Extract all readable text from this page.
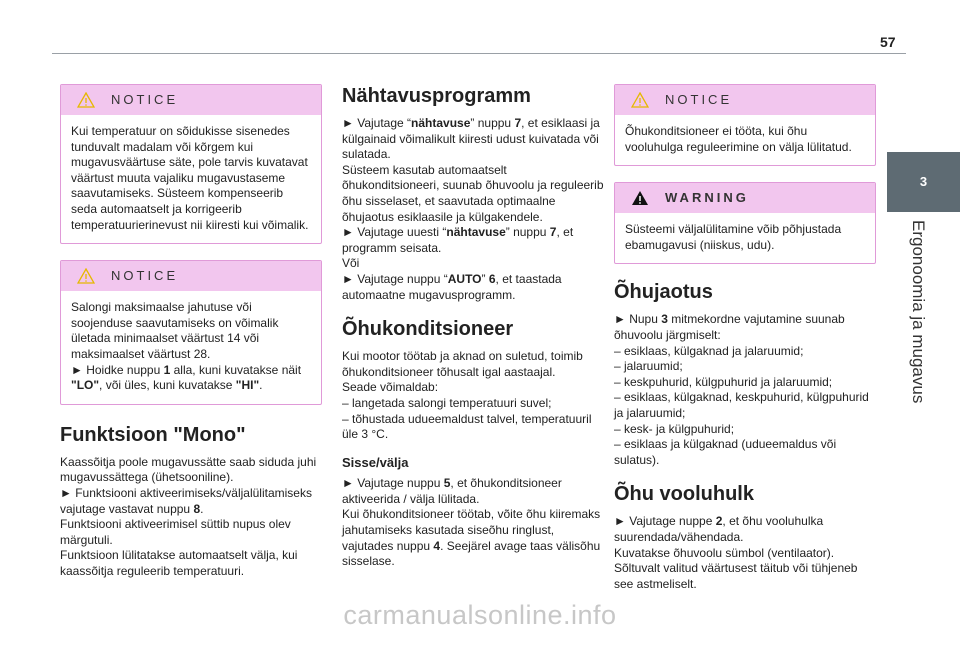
57
3
Ergonoomia ja mugavus
NOTICE

Kui temperatuur on sõidukisse sisenedes tunduvalt madalam või kõrgem kui mugavusväärtuse säte, pole tarvis kuvatavat väärtust muuta vajaliku mugavustaseme saavutamiseks. Süsteem kompenseerib seda automaatselt ja korrigeerib temperatuurierinevust nii kiiresti kui võimalik.

NOTICE

Salongi maksimaalse jahutuse või soojenduse saavutamiseks on võimalik ületada minimaalset väärtust 14 või maksimaalset väärtust 28.

► Hoidke nuppu 1 alla, kuni kuvatakse näit "LO", või üles, kuni kuvatakse "HI".

Funktsioon "Mono"

Kaassõitja poole mugavussätte saab siduda juhi mugavussättega (ühetsooniline).

► Funktsiooni aktiveerimiseks/väljalülitamiseks vajutage vastavat nuppu 8.

Funktsiooni aktiveerimisel süttib nupus olev märgutuli.

Funktsioon lülitatakse automaatselt välja, kui kaassõitja reguleerib temperatuuri.

Nähtavusprogramm

► Vajutage “nähtavuse” nuppu 7, et esiklaasi ja külgainaid võimalikult kiiresti udust kuivatada või sulatada.

Süsteem kasutab automaatselt õhukonditsioneeri, suunab õhuvoolu ja reguleerib õhu sisselaset, et saavutada optimaalne õhujaotus esiklaasile ja külgakendele.

► Vajutage uuesti “nähtavuse” nuppu 7, et programm seisata.

Või

► Vajutage nuppu “AUTO” 6, et taastada automaatne mugavusprogramm.

Õhukonditsioneer

Kui mootor töötab ja aknad on suletud, toimib õhukonditsioneer tõhusalt igal aastaajal.

Seade võimaldab:

– langetada salongi temperatuuri suvel;

– tõhustada udueemaldust talvel, temperatuuril üle 3 °C.

Sisse/välja

► Vajutage nuppu 5, et õhukonditsioneer aktiveerida / välja lülitada.

Kui õhukonditsioneer töötab, võite õhu kiiremaks jahutamiseks kasutada siseõhu ringlust, vajutades nuppu 4. Seejärel avage taas välisõhu sisselase.

NOTICE

Õhukonditsioneer ei tööta, kui õhu vooluhulga reguleerimine on välja lülitatud.

WARNING

Süsteemi väljalülitamine võib põhjustada ebamugavusi (niiskus, udu).

Õhujaotus

► Nupu 3 mitmekordne vajutamine suunab õhuvoolu järgmiselt:

– esiklaas, külgaknad ja jalaruumid;

– jalaruumid;

– keskpuhurid, külgpuhurid ja jalaruumid;

– esiklaas, külgaknad, keskpuhurid, külgpuhurid ja jalaruumid;

– kesk- ja külgpuhurid;

– esiklaas ja külgaknad (udueemaldus või sulatus).

Õhu vooluhulk

► Vajutage nuppe 2, et õhu vooluhulka suurendada/vähendada.

Kuvatakse õhuvoolu sümbol (ventilaator).

Sõltuvalt valitud väärtusest täitub või tühjeneb see astmeliselt.

carmanualsonline.info
